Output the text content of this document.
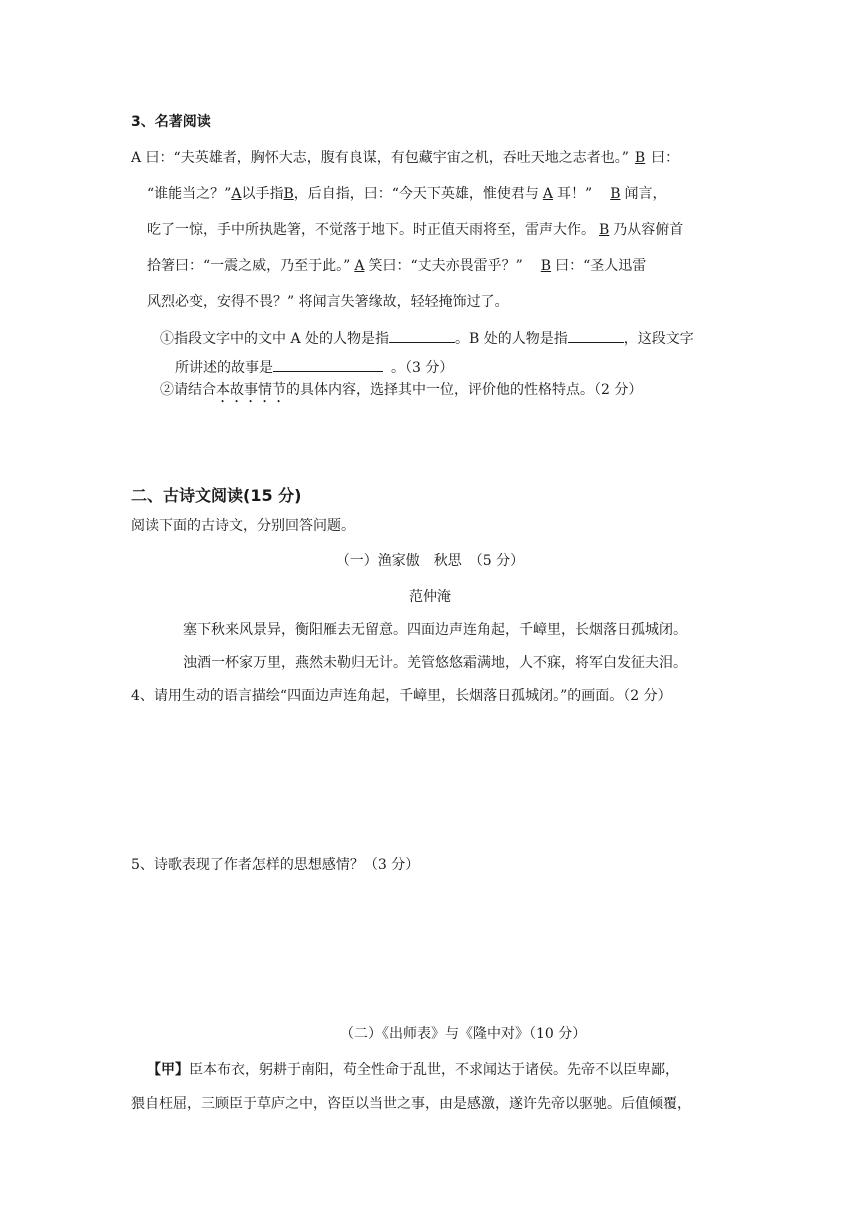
3、名著阅读
A 曰：“夫英雄者，胸怀大志，腹有良谋，有包藏宇宙之机，吞吐天地之志者也。” B 曰：
“谁能当之？”A以手指B，后自指，曰：“今天下英雄，惟使君与 A 耳！” B 闻言，
吃了一惊，手中所执匙箸，不觉落于地下。时正值天雨将至，雷声大作。 B 乃从容俯首
拾箸曰：“一震之威，乃至于此。” A 笑曰：“丈夫亦畏雷乎？” B 曰：“圣人迅雷
风烈必变，安得不畏？” 将闻言失箸缘故，轻轻掩饰过了。
①指段文字中的文中 A 处的人物是指	。B 处的人物是指	，这段文字
所讲述的故事是	。（3 分）
②请结合本故事情节的具体内容，选择其中一位，评价他的性格特点。（2 分）
二、古诗文阅读(15 分)
阅读下面的古诗文，分别回答问题。
（一）渔家傲　秋思　（5 分）
范仲淹
塞下秋来风景异，衡阳雁去无留意。四面边声连角起，千嶂里，长烟落日孤城闭。
浊酒一杯家万里，燕然未勒归无计。羌管悠悠霜满地，人不寐，将军白发征夫泪。
4、请用生动的语言描绘“四面边声连角起，千嶂里，长烟落日孤城闭。”的画面。（2 分）
5、诗歌表现了作者怎样的思想感情？（3 分）
（二）《出师表》与《隆中对》（10 分）
【甲】臣本布衣，躬耕于南阳，苟全性命于乱世，不求闻达于诸侯。先帝不以臣卑鄙，
猥自枉屈，三顾臣于草庐之中，咨臣以当世之事，由是感激，遂许先帝以驱驰。后值倾覆，
